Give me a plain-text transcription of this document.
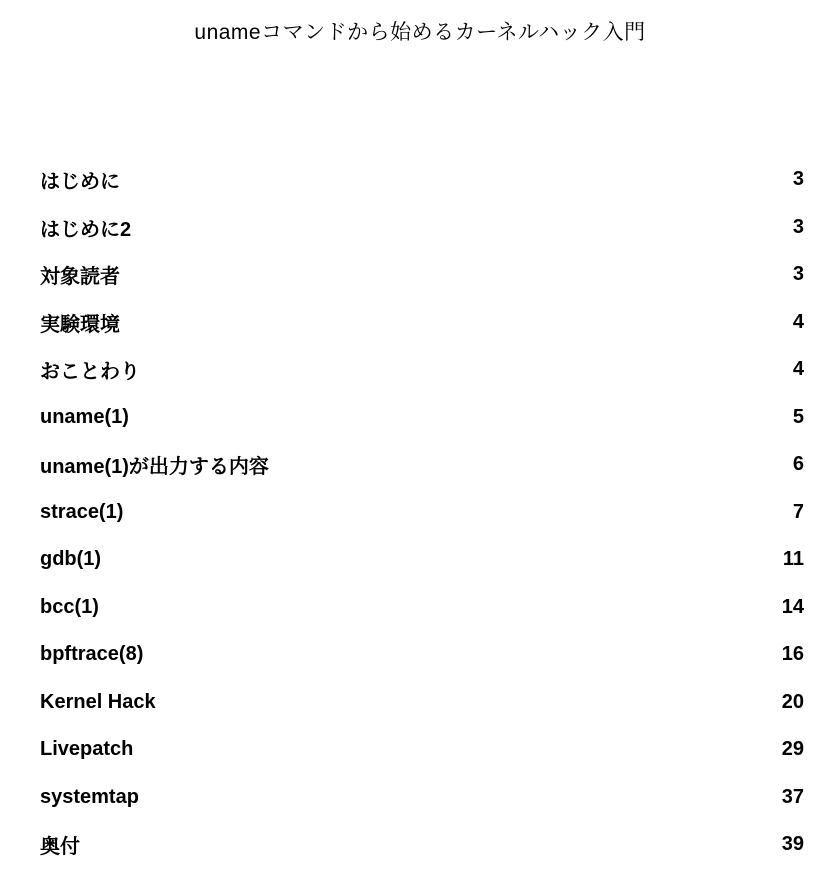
unameコマンドから始めるカーネルハック入門
はじめに	3
はじめに2	3
対象読者	3
実験環境	4
おことわり	4
uname(1)	5
uname(1)が出力する内容	6
strace(1)	7
gdb(1)	11
bcc(1)	14
bpftrace(8)	16
Kernel Hack	20
Livepatch	29
systemtap	37
奥付	39
